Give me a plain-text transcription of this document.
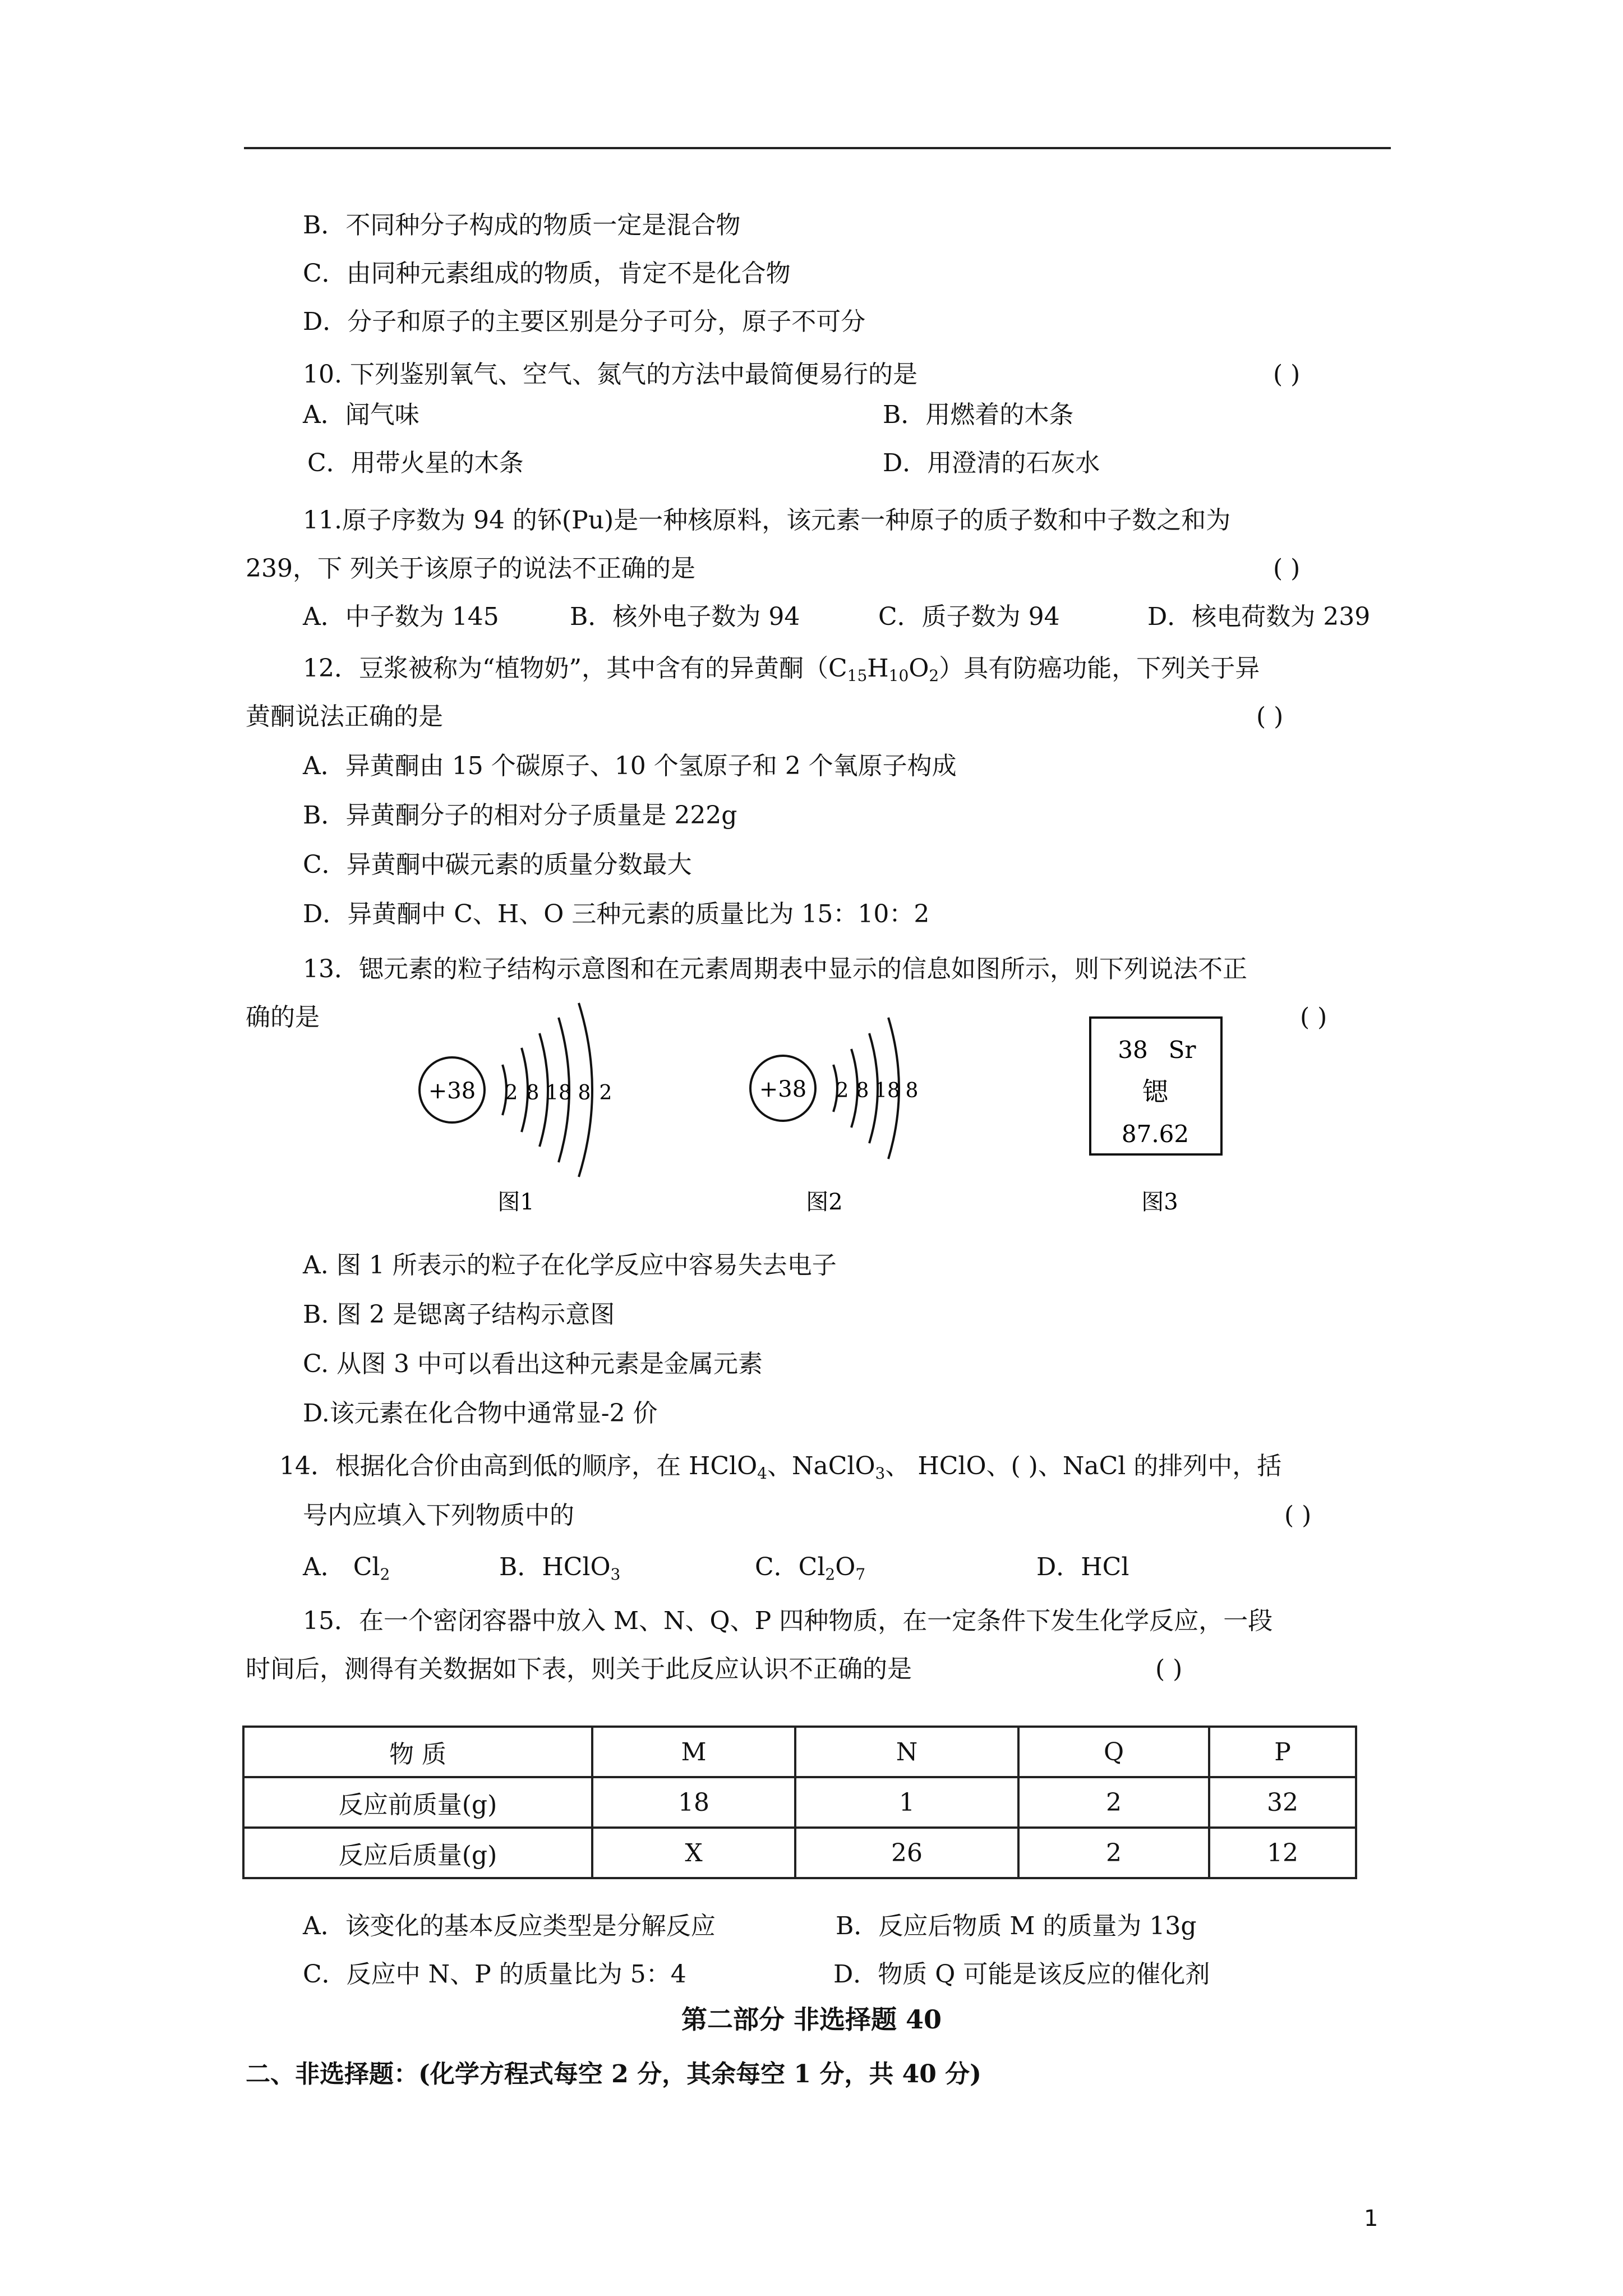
B．不同种分子构成的物质一定是混合物
C．由同种元素组成的物质，肯定不是化合物
D．分子和原子的主要区别是分子可分，原子不可分
10. 下列鉴别氧气、空气、氮气的方法中最简便易行的是	( )
A．闻气味	B．用燃着的木条
C．用带火星的木条	D．用澄清的石灰水
11.原子序数为 94 的钚(Pu)是一种核原料，该元素一种原子的质子数和中子数之和为
239，下 列关于该原子的说法不正确的是	( )
A．中子数为 145	B．核外电子数为 94	C．质子数为 94	D．核电荷数为 239
12．豆浆被称为“植物奶”，其中含有的异黄酮$(C_{15}H_{10}O_2)$具有防癌功能，下列关于异
黄酮说法正确的是	( )
A．异黄酮由 15 个碳原子、10 个氢原子和 2 个氧原子构成
B．异黄酮分子的相对分子质量是 222g
C．异黄酮中碳元素的质量分数最大
D．异黄酮中 C、H、O 三种元素的质量比为 15：10：2
13．锶元素的粒子结构示意图和在元素周期表中显示的信息如图所示，则下列说法不正
确的是	( )
+38 2 8 18 8 2
图1
+38 2 8 18 8
图2
38 Sr
锶
87.62
图3
A. 图 1 所表示的粒子在化学反应中容易失去电子
B. 图 2 是锶离子结构示意图
C. 从图 3 中可以看出这种元素是金属元素
D.该元素在化合物中通常显-2 价
14．根据化合价由高到低的顺序，在 HClO$_4$、NaClO$_3$、 HClO、( )、NaCl 的排列中，括
号内应填入下列物质中的	( )
A． $Cl_2$	B．HClO$_3$	C．$Cl_2O_7$	D．HCl
15．在一个密闭容器中放入 M、N、Q、P 四种物质，在一定条件下发生化学反应，一段
时间后，测得有关数据如下表，则关于此反应认识不正确的是	( )
物 质	M	N	Q	P
反应前质量(g)	18	1	2	32
反应后质量(g)	X	26	2	12
A．该变化的基本反应类型是分解反应	B．反应后物质 M 的质量为 13g
C．反应中 N、P 的质量比为 5：4	D．物质 Q 可能是该反应的催化剂
第二部分 非选择题 40
二、非选择题：(化学方程式每空 2 分，其余每空 1 分，共 40 分)
1
